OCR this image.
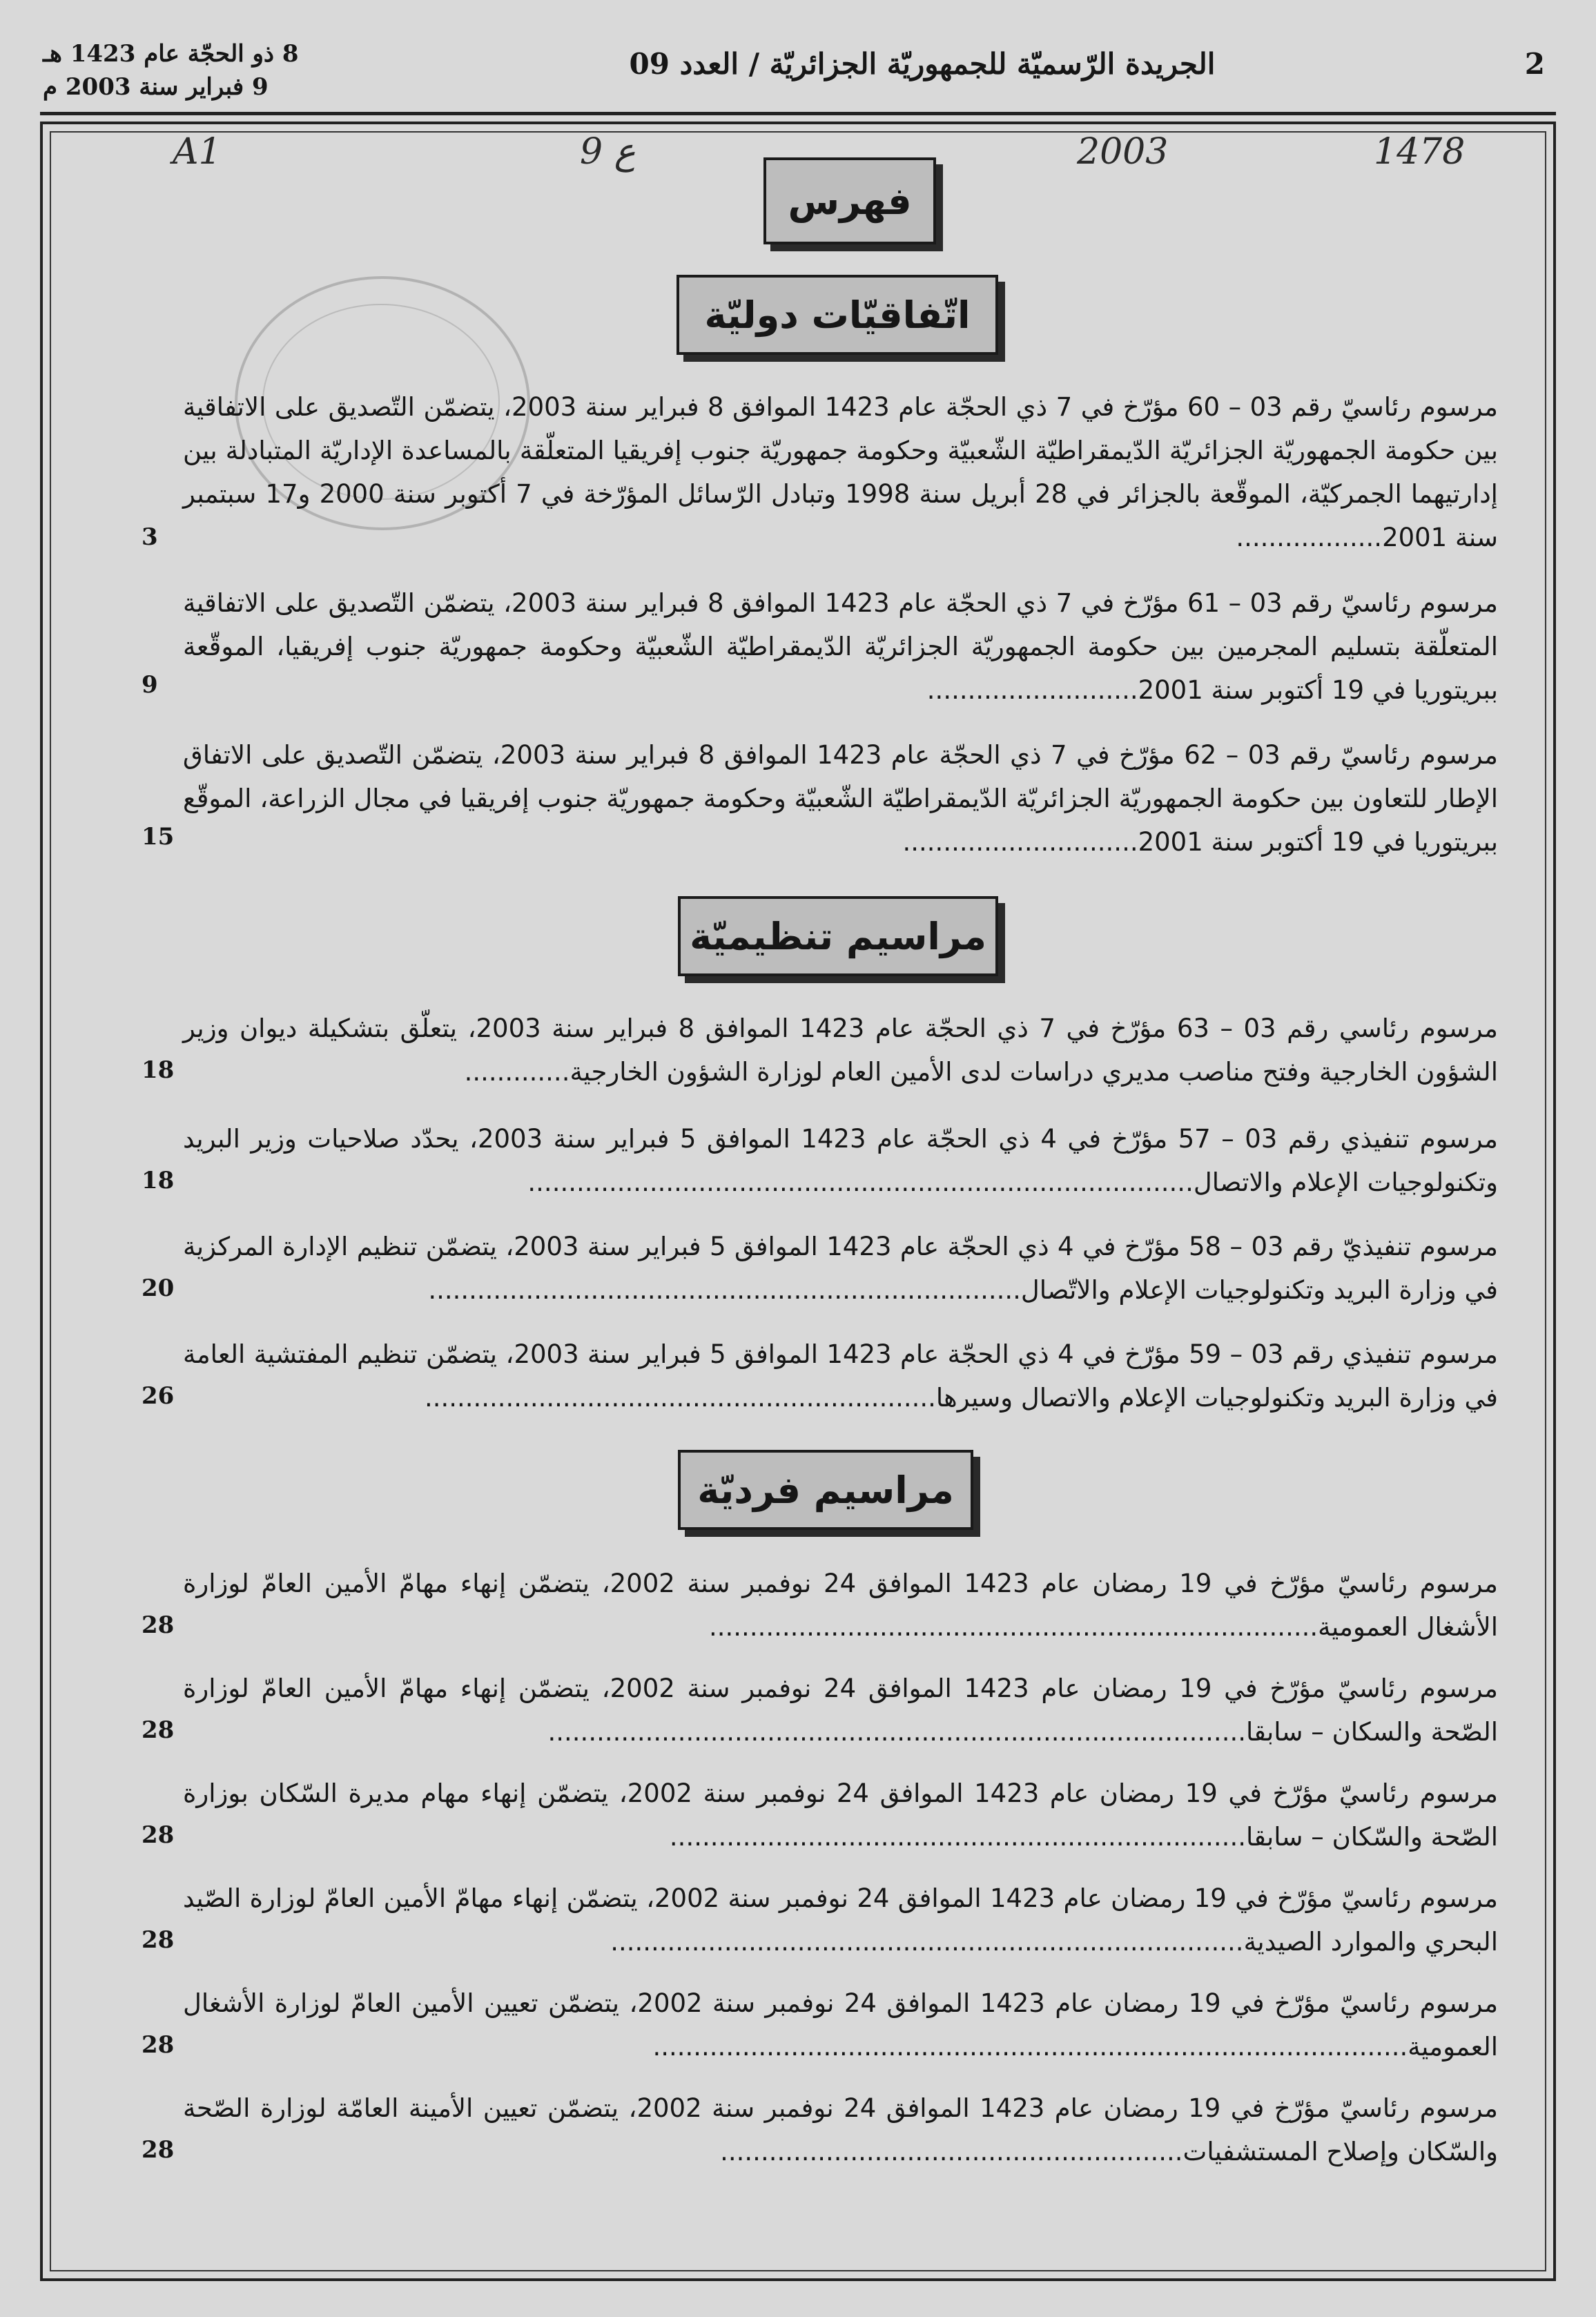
2
الجريدة الرّسميّة للجمهوريّة الجزائريّة / العدد 09
8 ذو الحجّة عام 1423 هـ
9 فبراير سنة 2003 م
A1	ع 9	2003	1478
فهرس
اتّفاقيّات دوليّة
مرسوم رئاسيّ رقم 03 – 60 مؤرّخ في 7 ذي الحجّة عام 1423 الموافق 8 فبراير سنة 2003، يتضمّن التّصديق على الاتفاقية بين حكومة الجمهوريّة الجزائريّة الدّيمقراطيّة الشّعبيّة وحكومة جمهوريّة جنوب إفريقيا المتعلّقة بالمساعدة الإداريّة المتبادلة بين إدارتيهما الجمركيّة، الموقّعة بالجزائر في 28 أبريل سنة 1998 وتبادل الرّسائل المؤرّخة في 7 أكتوبر سنة 2000 و17 سبتمبر سنة 2001..................
3
مرسوم رئاسيّ رقم 03 – 61 مؤرّخ في 7 ذي الحجّة عام 1423 الموافق 8 فبراير سنة 2003، يتضمّن التّصديق على الاتفاقية المتعلّقة بتسليم المجرمين بين حكومة الجمهوريّة الجزائريّة الدّيمقراطيّة الشّعبيّة وحكومة جمهوريّة جنوب إفريقيا، الموقّعة ببريتوريا في 19 أكتوبر سنة 2001..........................
9
مرسوم رئاسيّ رقم 03 – 62 مؤرّخ في 7 ذي الحجّة عام 1423 الموافق 8 فبراير سنة 2003، يتضمّن التّصديق على الاتفاق الإطار للتعاون بين حكومة الجمهوريّة الجزائريّة الدّيمقراطيّة الشّعبيّة وحكومة جمهوريّة جنوب إفريقيا في مجال الزراعة، الموقّع ببريتوريا في 19 أكتوبر سنة 2001.............................
15
مراسيم تنظيميّة
مرسوم رئاسي رقم 03 – 63 مؤرّخ في 7 ذي الحجّة عام 1423 الموافق 8 فبراير سنة 2003، يتعلّق بتشكيلة ديوان وزير الشؤون الخارجية وفتح مناصب مديري دراسات لدى الأمين العام لوزارة الشؤون الخارجية.............
18
مرسوم تنفيذي رقم 03 – 57 مؤرّخ في 4 ذي الحجّة عام 1423 الموافق 5 فبراير سنة 2003، يحدّد صلاحيات وزير البريد وتكنولوجيات الإعلام والاتصال..................................................................................
18
مرسوم تنفيذيّ رقم 03 – 58 مؤرّخ في 4 ذي الحجّة عام 1423 الموافق 5 فبراير سنة 2003، يتضمّن تنظيم الإدارة المركزية في وزارة البريد وتكنولوجيات الإعلام والاتّصال.........................................................................
20
مرسوم تنفيذي رقم 03 – 59 مؤرّخ في 4 ذي الحجّة عام 1423 الموافق 5 فبراير سنة 2003، يتضمّن تنظيم المفتشية العامة في وزارة البريد وتكنولوجيات الإعلام والاتصال وسيرها...............................................................
26
مراسيم فرديّة
مرسوم رئاسيّ مؤرّخ في 19 رمضان عام 1423 الموافق 24 نوفمبر سنة 2002، يتضمّن إنهاء مهامّ الأمين العامّ لوزارة الأشغال العمومية...........................................................................
28
مرسوم رئاسيّ مؤرّخ في 19 رمضان عام 1423 الموافق 24 نوفمبر سنة 2002، يتضمّن إنهاء مهامّ الأمين العامّ لوزارة الصّحة والسكان – سابقا......................................................................................
28
مرسوم رئاسيّ مؤرّخ في 19 رمضان عام 1423 الموافق 24 نوفمبر سنة 2002، يتضمّن إنهاء مهام مديرة السّكان بوزارة الصّحة والسّكان – سابقا.......................................................................
28
مرسوم رئاسيّ مؤرّخ في 19 رمضان عام 1423 الموافق 24 نوفمبر سنة 2002، يتضمّن إنهاء مهامّ الأمين العامّ لوزارة الصّيد البحري والموارد الصيدية..............................................................................
28
مرسوم رئاسيّ مؤرّخ في 19 رمضان عام 1423 الموافق 24 نوفمبر سنة 2002، يتضمّن تعيين الأمين العامّ لوزارة الأشغال العمومية.............................................................................................
28
مرسوم رئاسيّ مؤرّخ في 19 رمضان عام 1423 الموافق 24 نوفمبر سنة 2002، يتضمّن تعيين الأمينة العامّة لوزارة الصّحة والسّكان وإصلاح المستشفيات.........................................................
28
